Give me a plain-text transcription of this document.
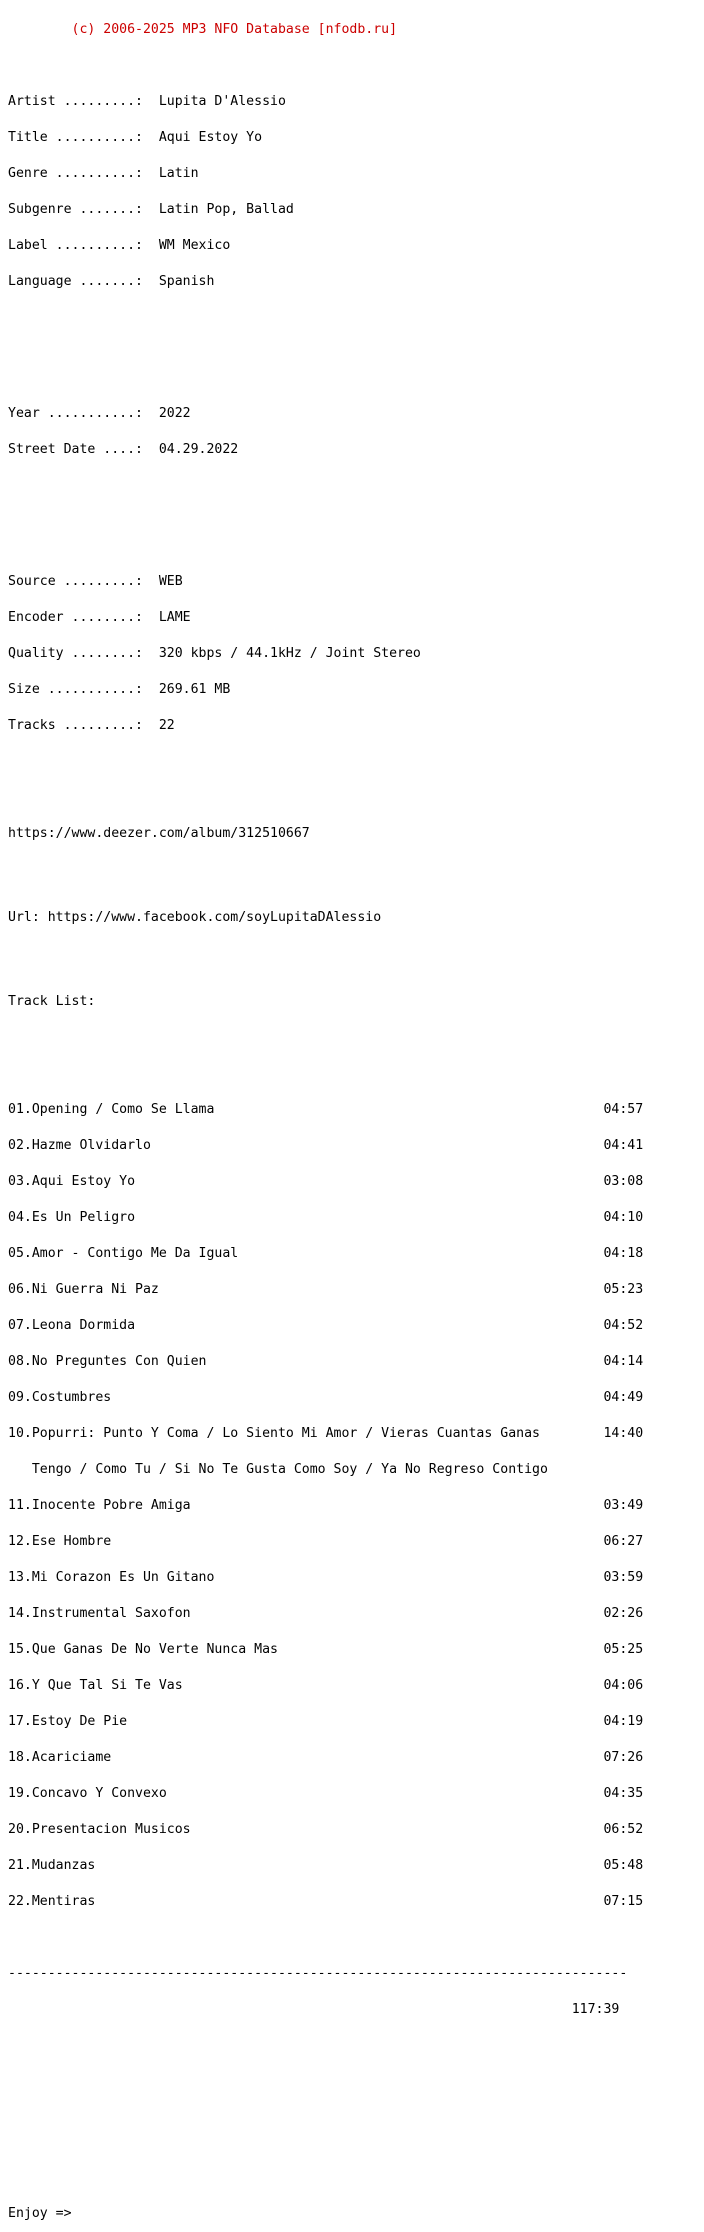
(c) 2006-2025 MP3 NFO Database [nfodb.ru]

Artist .........:  Lupita D'Alessio

Title ..........:  Aqui Estoy Yo

Genre ..........:  Latin

Subgenre .......:  Latin Pop, Ballad

Label ..........:  WM Mexico

Language .......:  Spanish

Year ...........:  2022

Street Date ....:  04.29.2022

Source .........:  WEB

Encoder ........:  LAME

Quality ........:  320 kbps / 44.1kHz / Joint Stereo

Size ...........:  269.61 MB

Tracks .........:  22

https://www.deezer.com/album/312510667

Url: https://www.facebook.com/soyLupitaDAlessio

Track List:

01.Opening / Como Se Llama                                                 04:57

02.Hazme Olvidarlo                                                         04:41

03.Aqui Estoy Yo                                                           03:08

04.Es Un Peligro                                                           04:10

05.Amor - Contigo Me Da Igual                                              04:18

06.Ni Guerra Ni Paz                                                        05:23

07.Leona Dormida                                                           04:52

08.No Preguntes Con Quien                                                  04:14

09.Costumbres                                                              04:49

10.Popurri: Punto Y Coma / Lo Siento Mi Amor / Vieras Cuantas Ganas        14:40

Tengo / Como Tu / Si No Te Gusta Como Soy / Ya No Regreso Contigo

11.Inocente Pobre Amiga                                                    03:49

12.Ese Hombre                                                              06:27

13.Mi Corazon Es Un Gitano                                                 03:59

14.Instrumental Saxofon                                                    02:26

15.Que Ganas De No Verte Nunca Mas                                         05:25

16.Y Que Tal Si Te Vas                                                     04:06

17.Estoy De Pie                                                            04:19

18.Acariciame                                                              07:26

19.Concavo Y Convexo                                                       04:35

20.Presentacion Musicos                                                    06:52

21.Mudanzas                                                                05:48

22.Mentiras                                                                07:15

------------------------------------------------------------------------------

117:39

Enjoy =>
